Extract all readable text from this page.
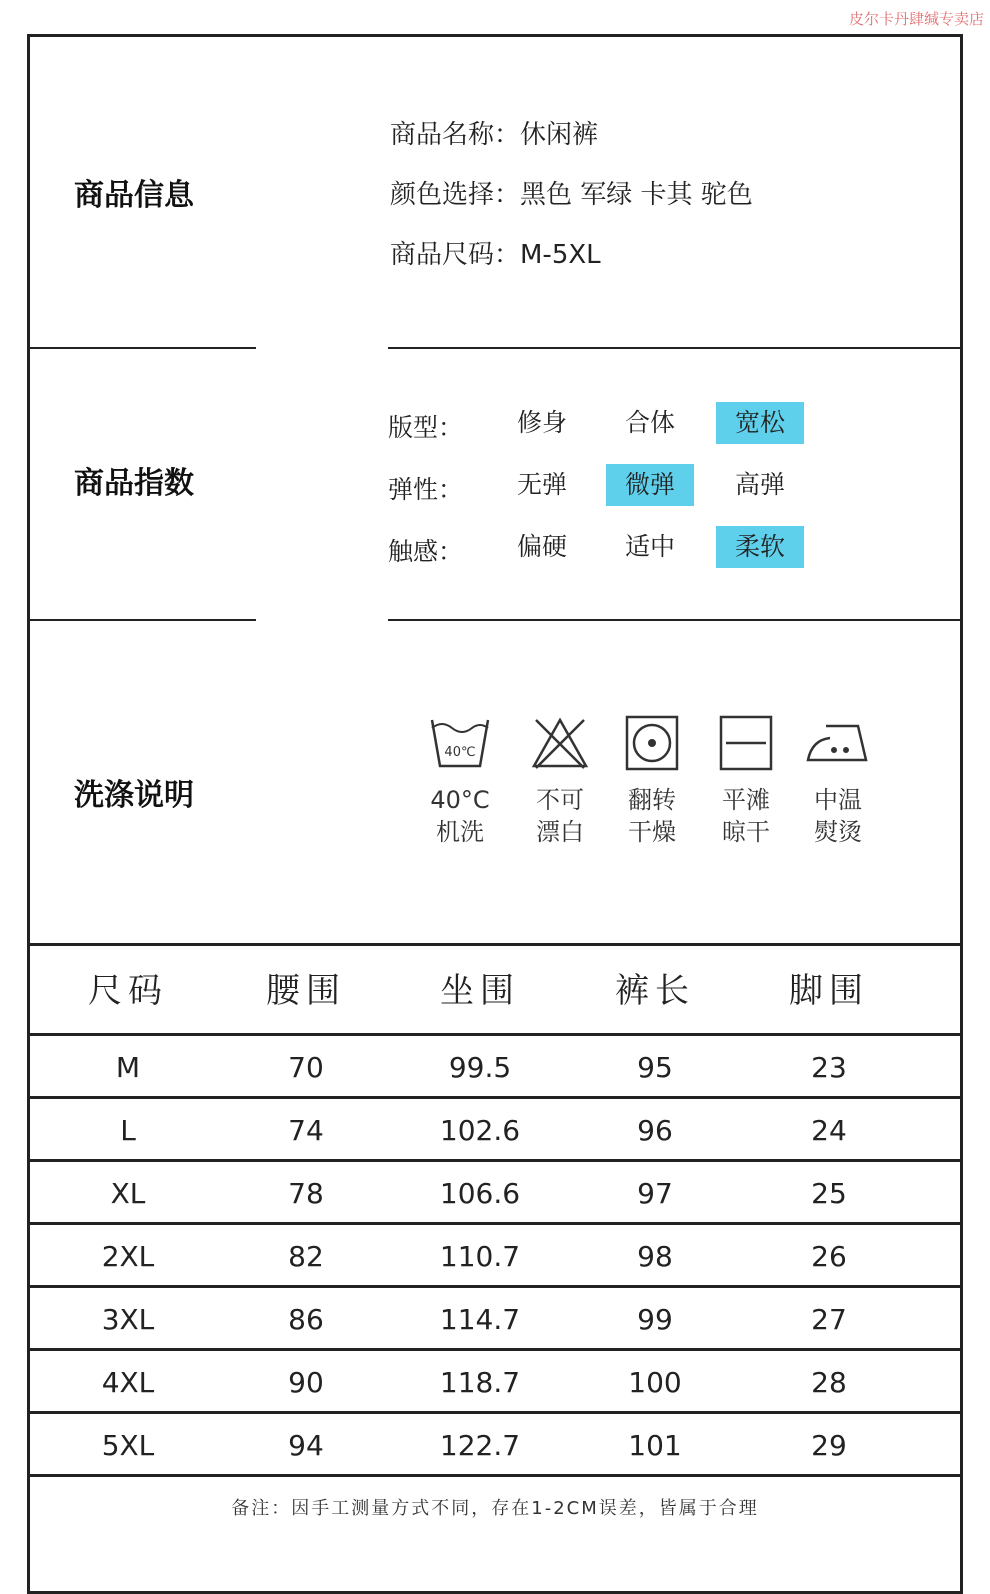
皮尔卡丹肆缄专卖店
商品信息
商品名称：休闲裤
颜色选择：黑色 军绿 卡其 驼色
商品尺码：M-5XL
商品指数
版型：	修身	合体	宽松
弹性：	无弹	微弹	高弹
触感：	偏硬	适中	柔软
洗涤说明
40℃
40°C
机洗
不可
漂白
翻转
干燥
平滩
晾干
中温
熨烫
尺码	腰围	坐围	裤长	脚围
M	70	99.5	95	23
L	74	102.6	96	24
XL	78	106.6	97	25
2XL	82	110.7	98	26
3XL	86	114.7	99	27
4XL	90	118.7	100	28
5XL	94	122.7	101	29
备注：因手工测量方式不同，存在1-2CM误差，皆属于合理
